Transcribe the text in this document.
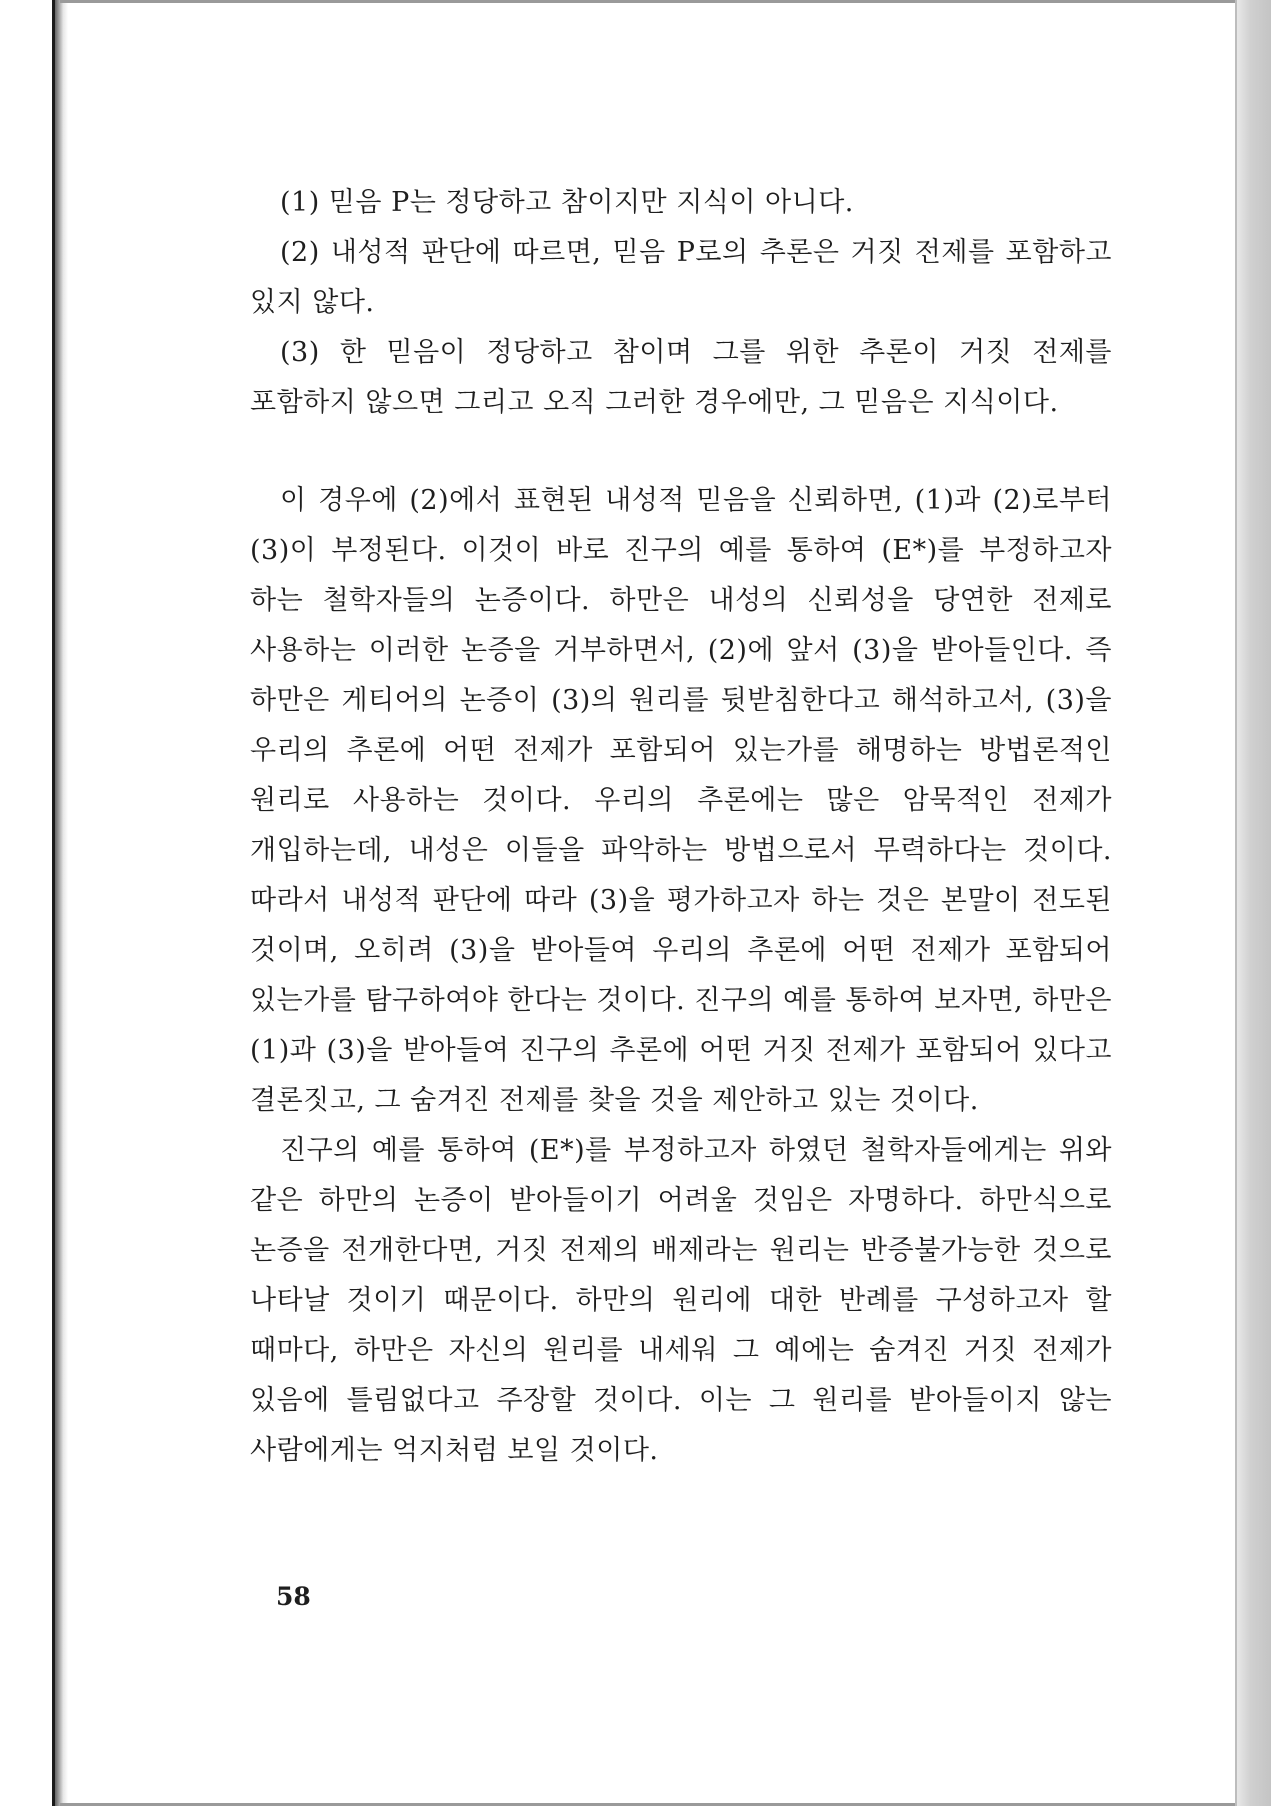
(1) 믿음 P는 정당하고 참이지만 지식이 아니다.

(2) 내성적 판단에 따르면, 믿음 P로의 추론은 거짓 전제를 포함하고 있지 않다.

(3) 한 믿음이 정당하고 참이며 그를 위한 추론이 거짓 전제를 포함하지 않으면 그리고 오직 그러한 경우에만, 그 믿음은 지식이다.

이 경우에 (2)에서 표현된 내성적 믿음을 신뢰하면, (1)과 (2)로부터 (3)이 부정된다. 이것이 바로 진구의 예를 통하여 (E*)를 부정하고자 하는 철학자들의 논증이다. 하만은 내성의 신뢰성을 당연한 전제로 사용하는 이러한 논증을 거부하면서, (2)에 앞서 (3)을 받아들인다. 즉 하만은 게티어의 논증이 (3)의 원리를 뒷받침한다고 해석하고서, (3)을 우리의 추론에 어떤 전제가 포함되어 있는가를 해명하는 방법론적인 원리로 사용하는 것이다. 우리의 추론에는 많은 암묵적인 전제가 개입하는데, 내성은 이들을 파악하는 방법으로서 무력하다는 것이다. 따라서 내성적 판단에 따라 (3)을 평가하고자 하는 것은 본말이 전도된 것이며, 오히려 (3)을 받아들여 우리의 추론에 어떤 전제가 포함되어 있는가를 탐구하여야 한다는 것이다. 진구의 예를 통하여 보자면, 하만은 (1)과 (3)을 받아들여 진구의 추론에 어떤 거짓 전제가 포함되어 있다고 결론짓고, 그 숨겨진 전제를 찾을 것을 제안하고 있는 것이다.

진구의 예를 통하여 (E*)를 부정하고자 하였던 철학자들에게는 위와 같은 하만의 논증이 받아들이기 어려울 것임은 자명하다. 하만식으로 논증을 전개한다면, 거짓 전제의 배제라는 원리는 반증불가능한 것으로 나타날 것이기 때문이다. 하만의 원리에 대한 반례를 구성하고자 할 때마다, 하만은 자신의 원리를 내세워 그 예에는 숨겨진 거짓 전제가 있음에 틀림없다고 주장할 것이다. 이는 그 원리를 받아들이지 않는 사람에게는 억지처럼 보일 것이다.

58
